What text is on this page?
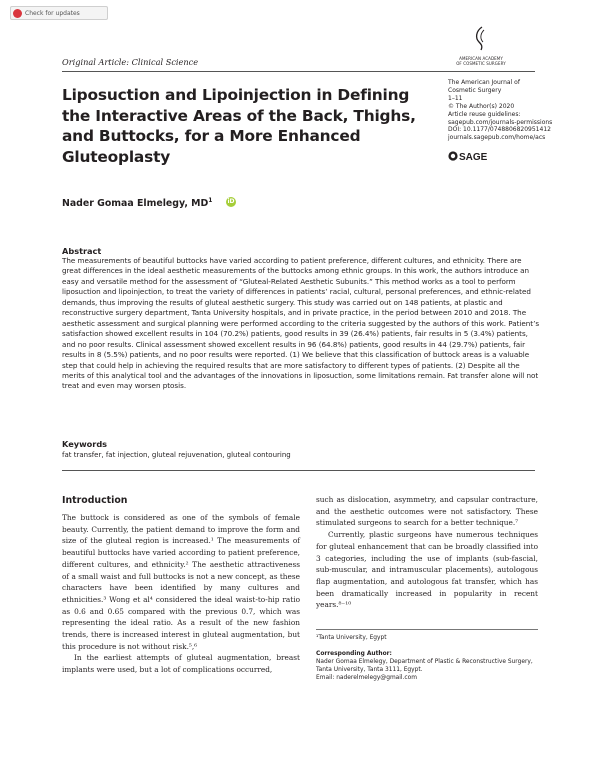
Check for updates
AMERICAN ACADEMY
OF COSMETIC SURGERY
Original Article: Clinical Science
Liposuction and Lipoinjection in Defining the Interactive Areas of the Back, Thighs, and Buttocks, for a More Enhanced Gluteoplasty
The American Journal of
Cosmetic Surgery
1–11
© The Author(s) 2020
Article reuse guidelines:
sagepub.com/journals-permissions
DOI: 10.1177/0748806820951412
journals.sagepub.com/home/acs
SAGE
Nader Gomaa Elmelegy, $MD^1$ iD
Abstract
The measurements of beautiful buttocks have varied according to patient preference, different cultures, and ethnicity. There are great differences in the ideal aesthetic measurements of the buttocks among ethnic groups. In this work, the authors introduce an easy and versatile method for the assessment of “Gluteal-Related Aesthetic Subunits.” This method works as a tool to perform liposuction and lipoinjection, to treat the variety of differences in patients’ racial, cultural, personal preferences, and ethnic-related demands, thus improving the results of gluteal aesthetic surgery. This study was carried out on 148 patients, at plastic and reconstructive surgery department, Tanta University hospitals, and in private practice, in the period between 2010 and 2018. The aesthetic assessment and surgical planning were performed according to the criteria suggested by the authors of this work. Patient’s satisfaction showed excellent results in 104 (70.2%) patients, good results in 39 (26.4%) patients, fair results in 5 (3.4%) patients, and no poor results. Clinical assessment showed excellent results in 96 (64.8%) patients, good results in 44 (29.7%) patients, fair results in 8 (5.5%) patients, and no poor results were reported. (1) We believe that this classification of buttock areas is a valuable step that could help in achieving the required results that are more satisfactory to different types of patients. (2) Despite all the merits of this analytical tool and the advantages of the innovations in liposuction, some limitations remain. Fat transfer alone will not treat and even may worsen ptosis.
Keywords
fat transfer, fat injection, gluteal rejuvenation, gluteal contouring
Introduction

The buttock is considered as one of the symbols of female beauty. Currently, the patient demand to improve the form and size of the gluteal region is increased.¹ The measurements of beautiful buttocks have varied according to patient preference, different cultures, and ethnicity.² The aesthetic attractiveness of a small waist and full buttocks is not a new concept, as these characters have been identified by many cultures and ethnicities.³ Wong et al⁴ considered the ideal waist-to-hip ratio as 0.6 and 0.65 compared with the previous 0.7, which was representing the ideal ratio. As a result of the new fashion trends, there is increased interest in gluteal augmentation, but this procedure is not without risk.⁵,⁶

In the earliest attempts of gluteal augmentation, breast implants were used, but a lot of complications occurred,

such as dislocation, asymmetry, and capsular contracture, and the aesthetic outcomes were not satisfactory. These stimulated surgeons to search for a better technique.⁷

Currently, plastic surgeons have numerous techniques for gluteal enhancement that can be broadly classified into 3 categories, including the use of implants (sub-fascial, sub-muscular, and intramuscular placements), autologous flap augmentation, and autologous fat transfer, which has been dramatically increased in popularity in recent years.⁸⁻¹⁰

¹Tanta University, Egypt
Corresponding Author:
Nader Gomaa Elmelegy, Department of Plastic & Reconstructive Surgery, Tanta University, Tanta 3111, Egypt.
Email: naderelmelegy@gmail.com
